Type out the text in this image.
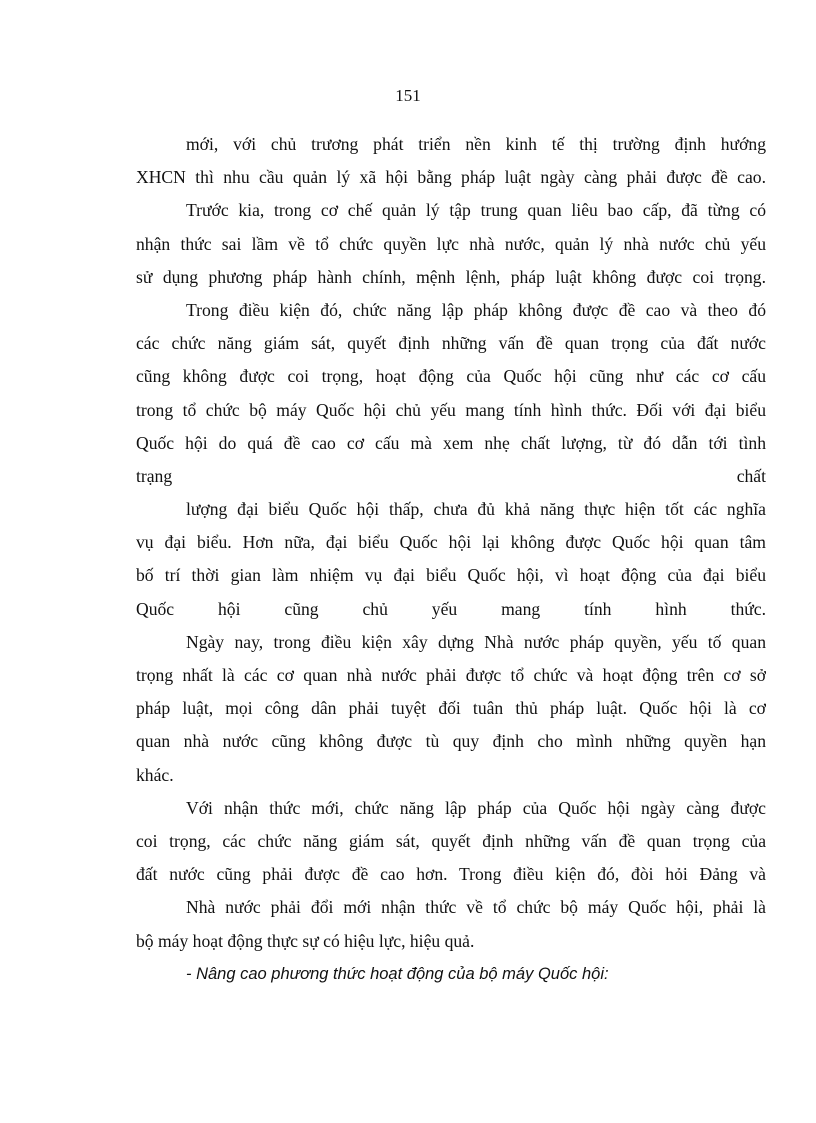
151
mới, với chủ trương phát triển nền kinh tế thị trường định hướng
XHCN thì nhu cầu quản lý xã hội bằng pháp luật ngày càng phải được đề cao.
Trước kia, trong cơ chế quản lý tập trung quan liêu bao cấp, đã từng có
nhận thức sai lầm về tổ chức quyền lực nhà nước, quản lý nhà nước chủ yếu
sử dụng phương pháp hành chính, mệnh lệnh, pháp luật không được coi trọng.
Trong điều kiện đó, chức năng lập pháp không được đề cao và theo đó
các chức năng giám sát, quyết định những vấn đề quan trọng của đất nước
cũng không được coi trọng, hoạt động của Quốc hội cũng như các cơ cấu
trong tổ chức bộ máy Quốc hội chủ yếu mang tính hình thức. Đối với đại biểu
Quốc hội do quá đề cao cơ cấu mà xem nhẹ chất lượng, từ đó dẫn tới tình
trạng chất
lượng đại biểu Quốc hội thấp, chưa đủ khả năng thực hiện tốt các nghĩa
vụ đại biểu. Hơn nữa, đại biểu Quốc hội lại không được Quốc hội quan tâm
bố trí thời gian làm nhiệm vụ đại biểu Quốc hội, vì hoạt động của đại biểu
Quốc hội cũng chủ yếu mang tính hình thức.
Ngày nay, trong điều kiện xây dựng Nhà nước pháp quyền, yếu tố quan
trọng nhất là các cơ quan nhà nước phải được tổ chức và hoạt động trên cơ sở
pháp luật, mọi công dân phải tuyệt đối tuân thủ pháp luật. Quốc hội là cơ
quan nhà nước cũng không được tù quy định cho mình những quyền hạn
khác.
Với nhận thức mới, chức năng lập pháp của Quốc hội ngày càng được
coi trọng, các chức năng giám sát, quyết định những vấn đề quan trọng của
đất nước cũng phải được đề cao hơn. Trong điều kiện đó, đòi hỏi Đảng và
Nhà nước phải đổi mới nhận thức về tổ chức bộ máy Quốc hội, phải là
bộ máy hoạt động thực sự có hiệu lực, hiệu quả.
- Nâng cao phương thức hoạt động của bộ máy Quốc hội:
